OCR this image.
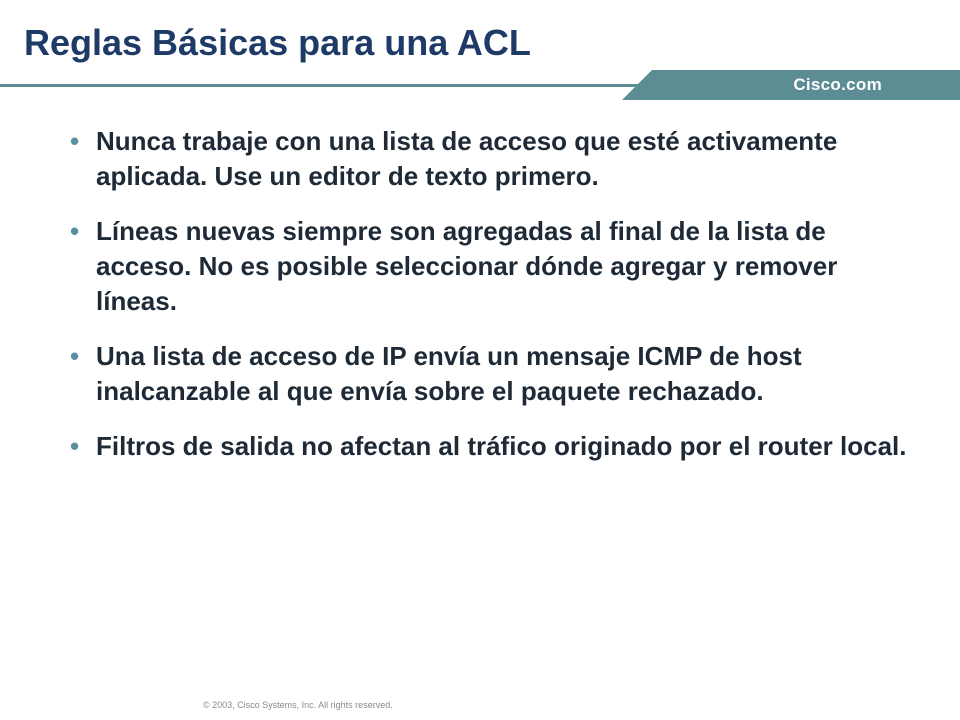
Reglas Básicas para una ACL
Cisco.com
• Nunca trabaje con una lista de acceso que esté activamente aplicada. Use un editor de texto primero.
• Líneas nuevas siempre son agregadas al final de la lista de acceso. No es posible seleccionar dónde agregar y remover líneas.
• Una lista de acceso de IP envía un mensaje ICMP de host inalcanzable al que envía sobre el paquete rechazado.
• Filtros de salida no afectan al tráfico originado por el router local.
© 2003, Cisco Systems, Inc. All rights reserved.
